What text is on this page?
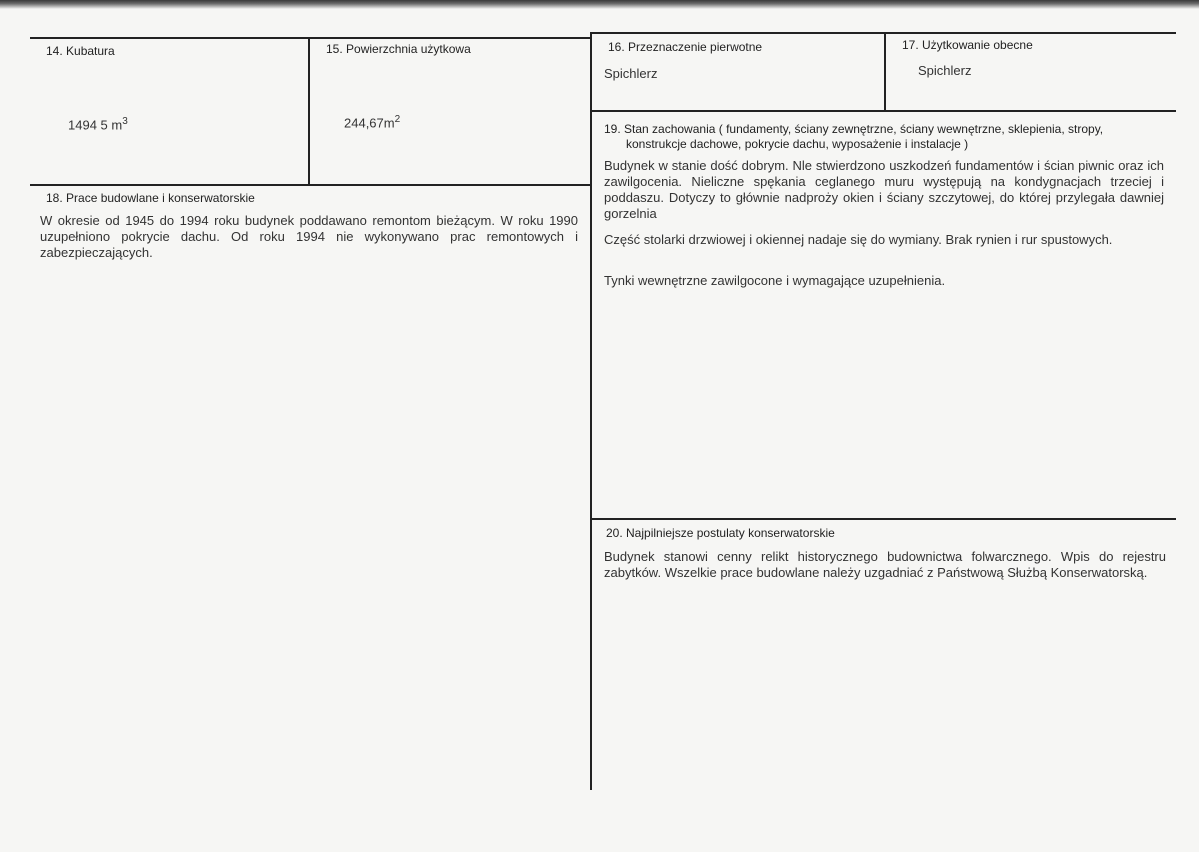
14. Kubatura
1494 5 $m^3$
15. Powierzchnia użytkowa
$244,67m^2$
16. Przeznaczenie pierwotne
Spichlerz
17. Użytkowanie obecne
Spichlerz
18. Prace budowlane i konserwatorskie

W okresie od 1945 do 1994 roku budynek poddawano remontom bieżącym. W roku 1990 uzupełniono pokrycie dachu. Od roku 1994 nie wykonywano prac remontowych i zabezpieczających.

19. Stan zachowania ( fundamenty, ściany zewnętrzne, ściany wewnętrzne, sklepienia, stropy,
konstrukcje dachowe, pokrycie dachu, wyposażenie i instalacje )

Budynek w stanie dość dobrym. Nle stwierdzono uszkodzeń fundamentów i ścian piwnic oraz ich zawilgocenia. Nieliczne spękania ceglanego muru występują na kondygnacjach trzeciej i poddaszu. Dotyczy to głównie nadproży okien i ściany szczytowej, do której przylegała dawniej gorzelnia

Część stolarki drzwiowej i okiennej nadaje się do wymiany. Brak rynien i rur spustowych.

Tynki wewnętrzne zawilgocone i wymagające uzupełnienia.

20. Najpilniejsze postulaty konserwatorskie

Budynek stanowi cenny relikt historycznego budownictwa folwarcznego. Wpis do rejestru zabytków. Wszelkie prace budowlane należy uzgadniać z Państwową Służbą Konserwatorską.
